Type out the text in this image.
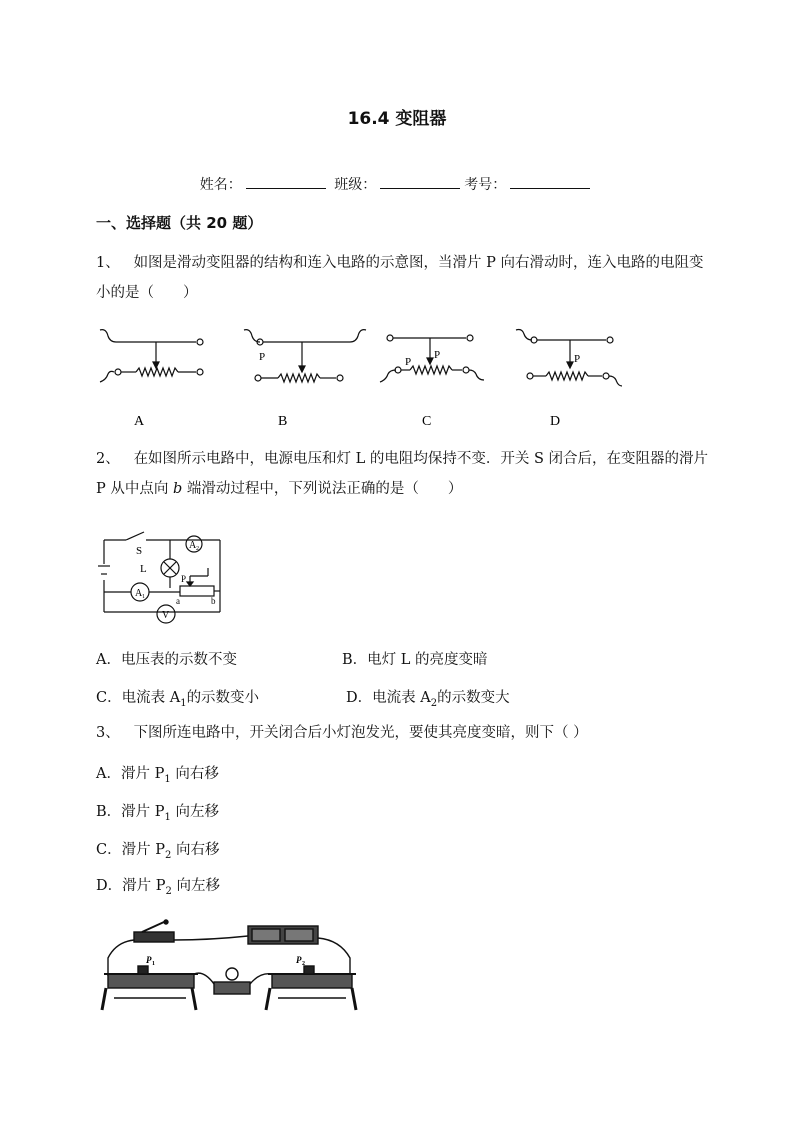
16.4 变阻器
姓名：	班级：	考号：
一、选择题（共 20 题）
1、 如图是滑动变阻器的结构和连入电路的示意图，当滑片 P 向右滑动时，连入电路的电阻变小的是（　　）
P	P
P	P
A	B	C	D
2、 在如图所示电路中，电源电压和灯 L 的电阻均保持不变．开关 S 闭合后，在变阻器的滑片 P 从中点向 b 端滑动过程中，下列说法正确的是（　　）
S
L
A 2
A 1
V
P
a	b
A．电压表的示数不变	B．电灯 L 的亮度变暗
C．电流表 $A_1$的示数变小	D．电流表 $A_2$的示数变大
3、 下图所连电路中，开关闭合后小灯泡发光，要使其亮度变暗，则下（ ）
A．滑片 $P_1$ 向右移
B．滑片 $P_1$ 向左移
C．滑片 $P_2$ 向右移
D．滑片 $P_2$ 向左移
P 1	P 2
